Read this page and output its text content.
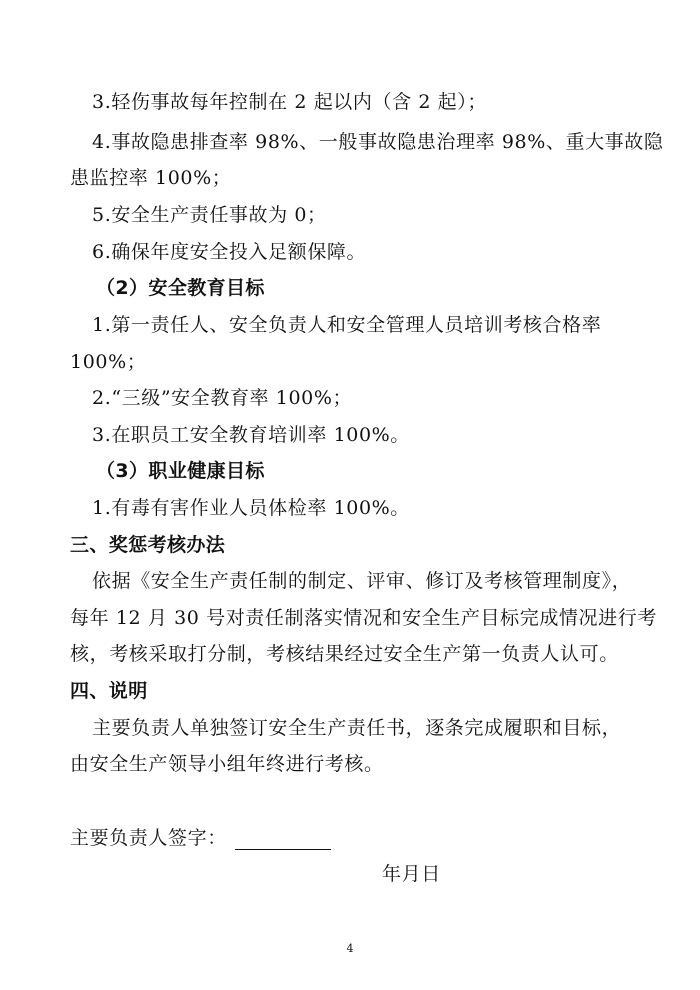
3.轻伤事故每年控制在 2 起以内（含 2 起）；
4.事故隐患排查率 98%、一般事故隐患治理率 98%、重大事故隐
患监控率 100%；
5.安全生产责任事故为 0；
6.确保年度安全投入足额保障。
（2）安全教育目标
1.第一责任人、安全负责人和安全管理人员培训考核合格率
100%；
2.“三级”安全教育率 100%；
3.在职员工安全教育培训率 100%。
（3）职业健康目标
1.有毒有害作业人员体检率 100%。
三、奖惩考核办法
依据《安全生产责任制的制定、评审、修订及考核管理制度》，
每年 12 月 30 号对责任制落实情况和安全生产目标完成情况进行考
核，考核采取打分制，考核结果经过安全生产第一负责人认可。
四、说明
主要负责人单独签订安全生产责任书，逐条完成履职和目标，
由安全生产领导小组年终进行考核。
主要负责人签字：
年月日
4
